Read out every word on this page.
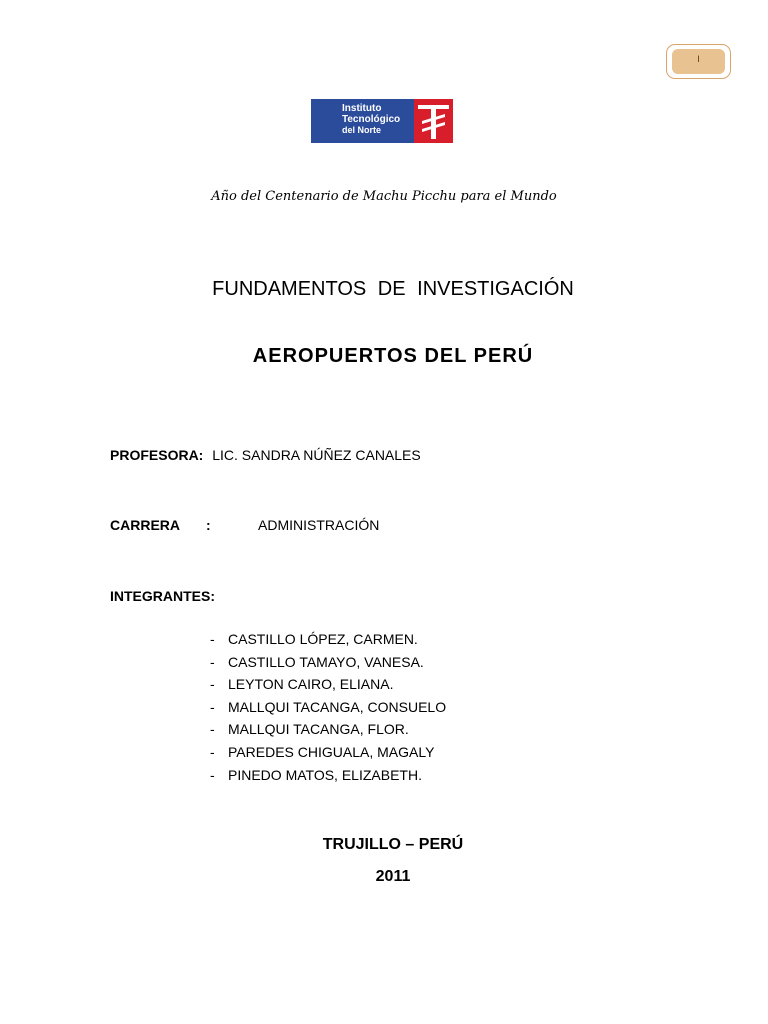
I
Instituto
Tecnológico
del Norte
Año del Centenario de Machu Picchu para el Mundo
FUNDAMENTOS DE INVESTIGACIÓN
AEROPUERTOS DEL PERÚ
PROFESORA: LIC. SANDRA NÚÑEZ CANALES
CARRERA :	ADMINISTRACIÓN
INTEGRANTES:
- CASTILLO LÓPEZ, CARMEN.
- CASTILLO TAMAYO, VANESA.
- LEYTON CAIRO, ELIANA.
- MALLQUI TACANGA, CONSUELO
- MALLQUI TACANGA, FLOR.
- PAREDES CHIGUALA, MAGALY
- PINEDO MATOS, ELIZABETH.
TRUJILLO – PERÚ
2011
